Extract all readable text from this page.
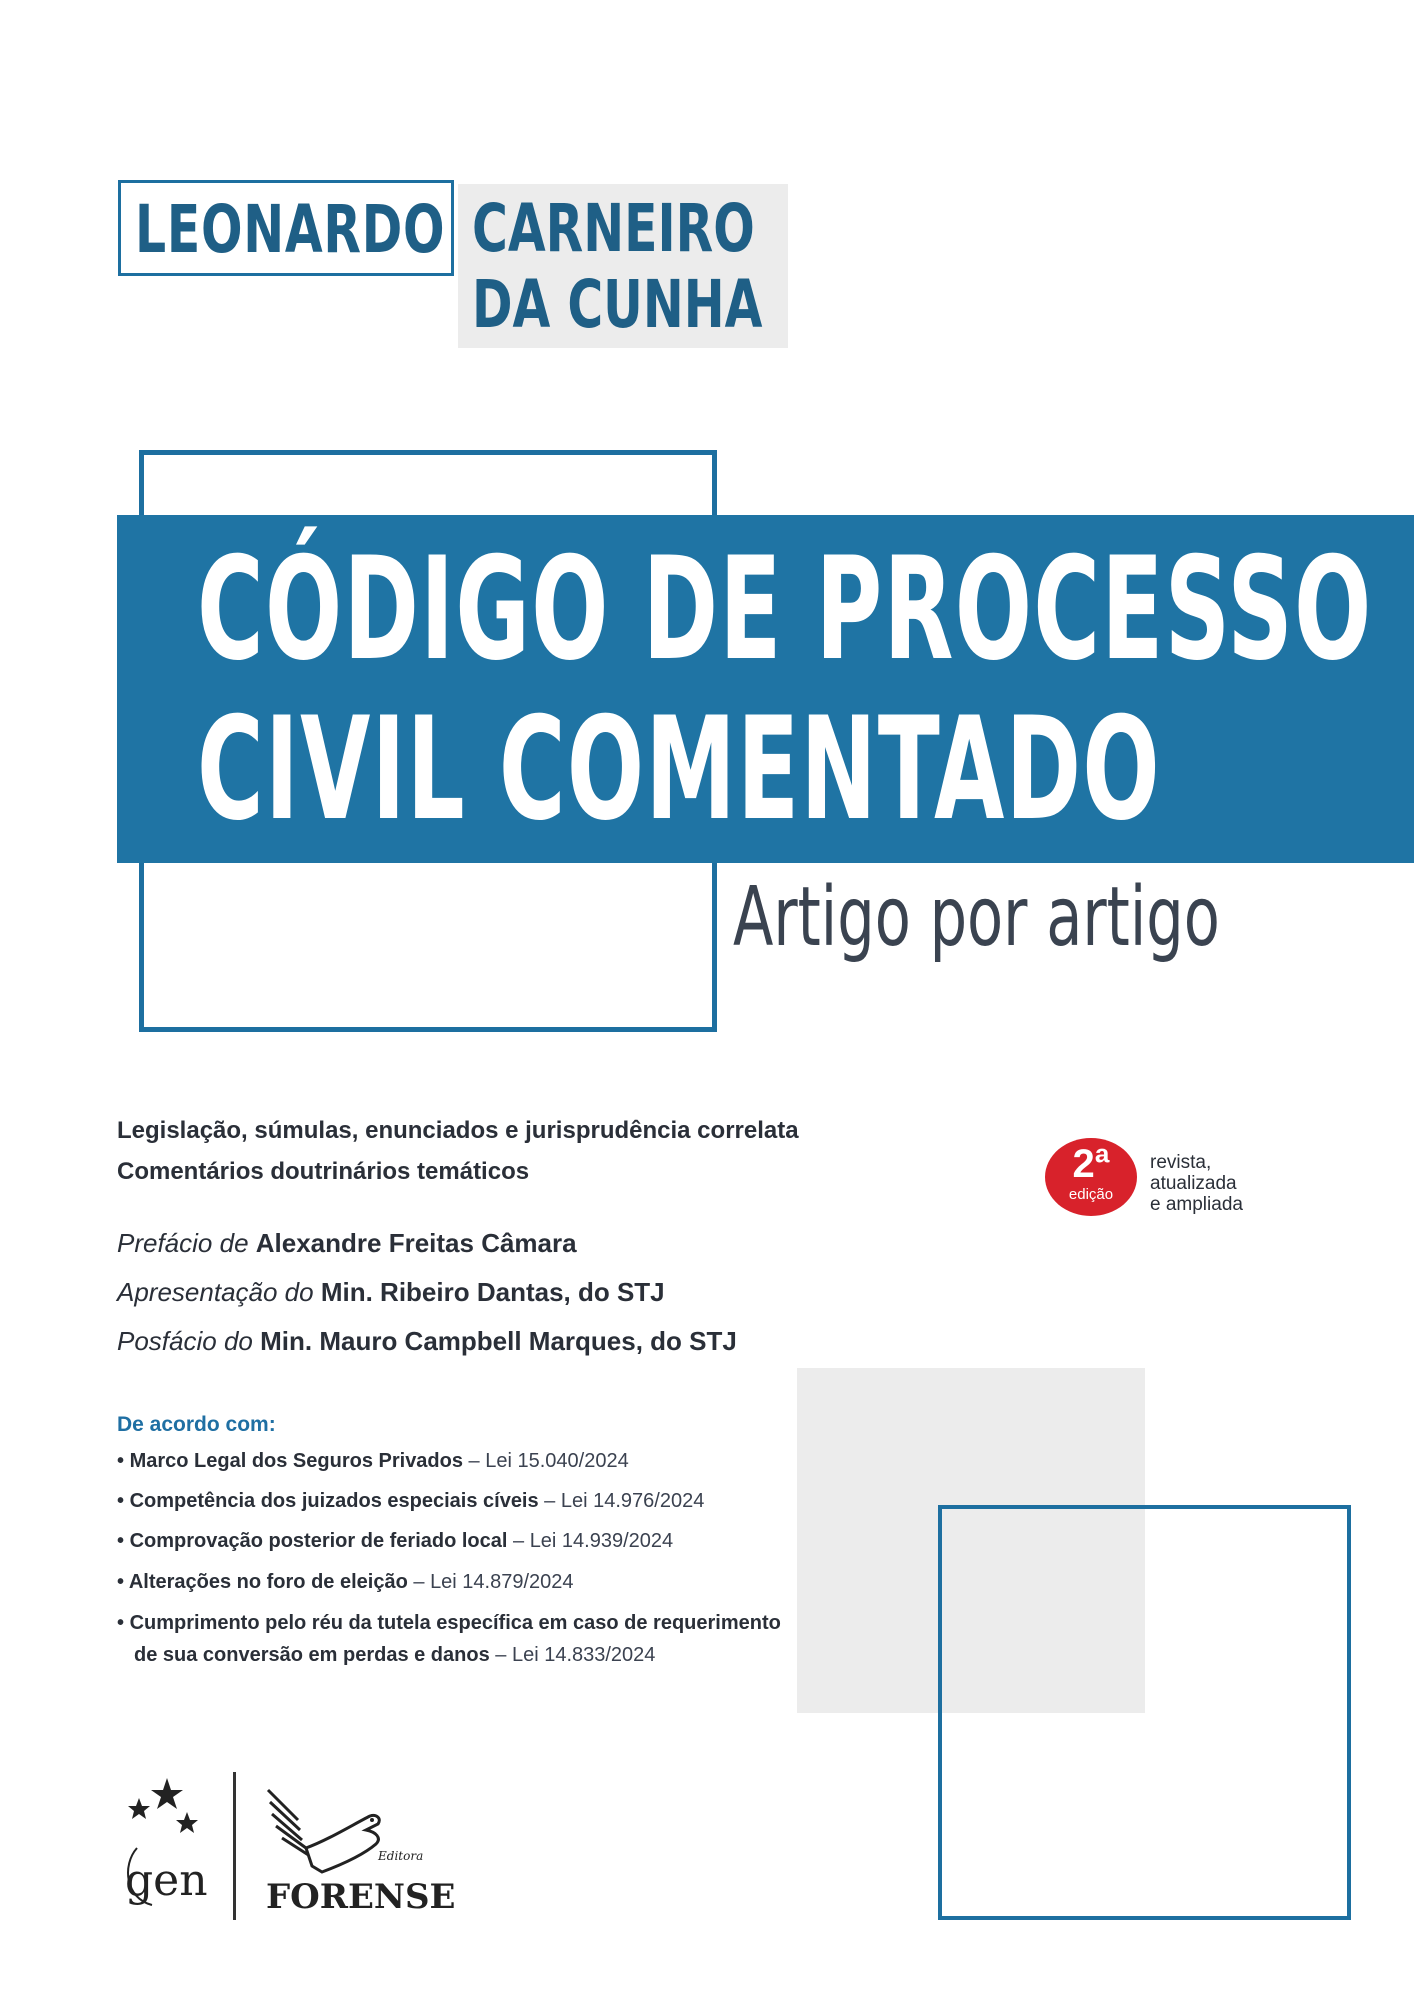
LEONARDO CARNEIRO
DA CUNHA
CÓDIGO DE PROCESSO
CIVIL COMENTADO
Artigo por artigo
Legislação, súmulas, enunciados e jurisprudência correlata
Comentários doutrinários temáticos
Prefácio de Alexandre Freitas Câmara
Apresentação do Min. Ribeiro Dantas, do STJ
Posfácio do Min. Mauro Campbell Marques, do STJ
2ª
edição
revista,
atualizada
e ampliada
De acordo com:
• Marco Legal dos Seguros Privados – Lei 15.040/2024
• Competência dos juizados especiais cíveis – Lei 14.976/2024
• Comprovação posterior de feriado local – Lei 14.939/2024
• Alterações no foro de eleição – Lei 14.879/2024
• Cumprimento pelo réu da tutela específica em caso de requerimento
de sua conversão em perdas e danos – Lei 14.833/2024
gen	Editora
FORENSE
